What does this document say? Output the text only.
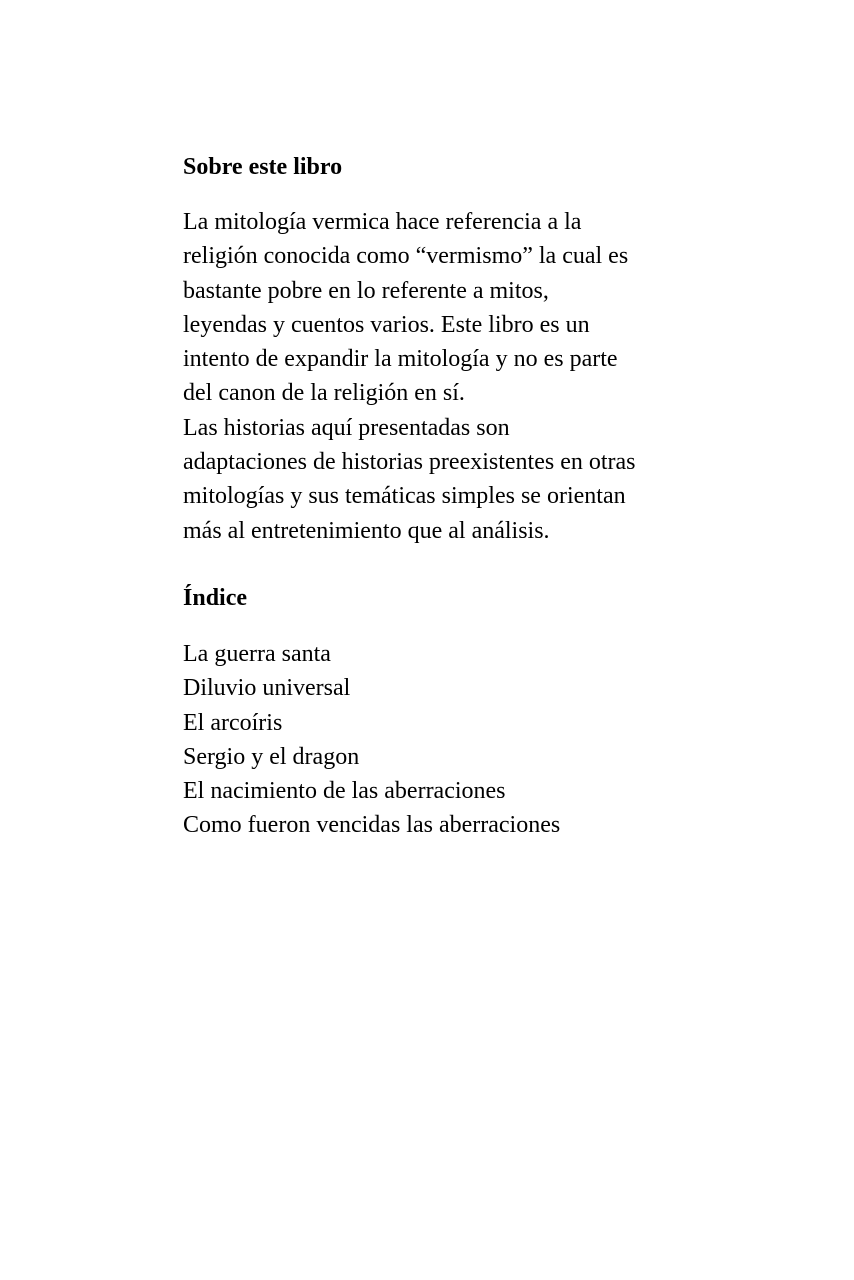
Sobre este libro

La mitología vermica hace referencia a la
religión conocida como “vermismo” la cual es
bastante pobre en lo referente a mitos,
leyendas y cuentos varios. Este libro es un
intento de expandir la mitología y no es parte
del canon de la religión en sí.
Las historias aquí presentadas son
adaptaciones de historias preexistentes en otras
mitologías y sus temáticas simples se orientan
más al entretenimiento que al análisis.

Índice
La guerra santa
Diluvio universal
El arcoíris
Sergio y el dragon
El nacimiento de las aberraciones
Como fueron vencidas las aberraciones
